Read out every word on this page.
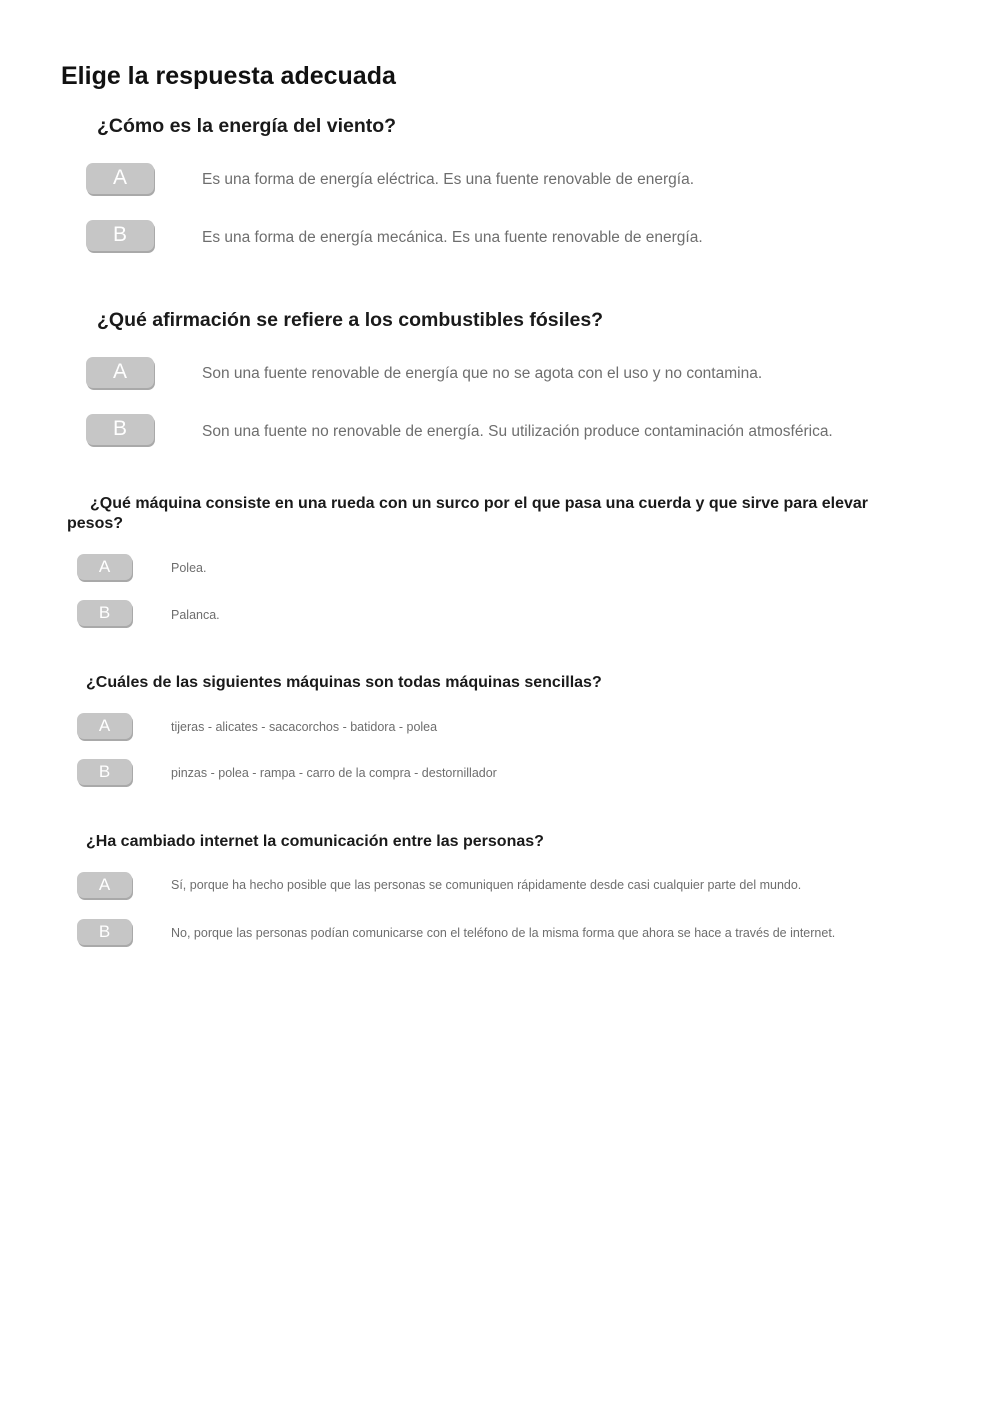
Elige la respuesta adecuada
¿Cómo es la energía del viento?
A	Es una forma de energía eléctrica. Es una fuente renovable de energía.
B	Es una forma de energía mecánica. Es una fuente renovable de energía.
¿Qué afirmación se refiere a los combustibles fósiles?
A	Son una fuente renovable de energía que no se agota con el uso y no contamina.
B	Son una fuente no renovable de energía. Su utilización produce contaminación atmosférica.
¿Qué máquina consiste en una rueda con un surco por el que pasa una cuerda y que sirve para elevar
pesos?
A	Polea.
B	Palanca.
¿Cuáles de las siguientes máquinas son todas máquinas sencillas?
A	tijeras - alicates - sacacorchos - batidora - polea
B	pinzas - polea - rampa - carro de la compra - destornillador
¿Ha cambiado internet la comunicación entre las personas?
A	Sí, porque ha hecho posible que las personas se comuniquen rápidamente desde casi cualquier parte del mundo.
B	No, porque las personas podían comunicarse con el teléfono de la misma forma que ahora se hace a través de internet.
